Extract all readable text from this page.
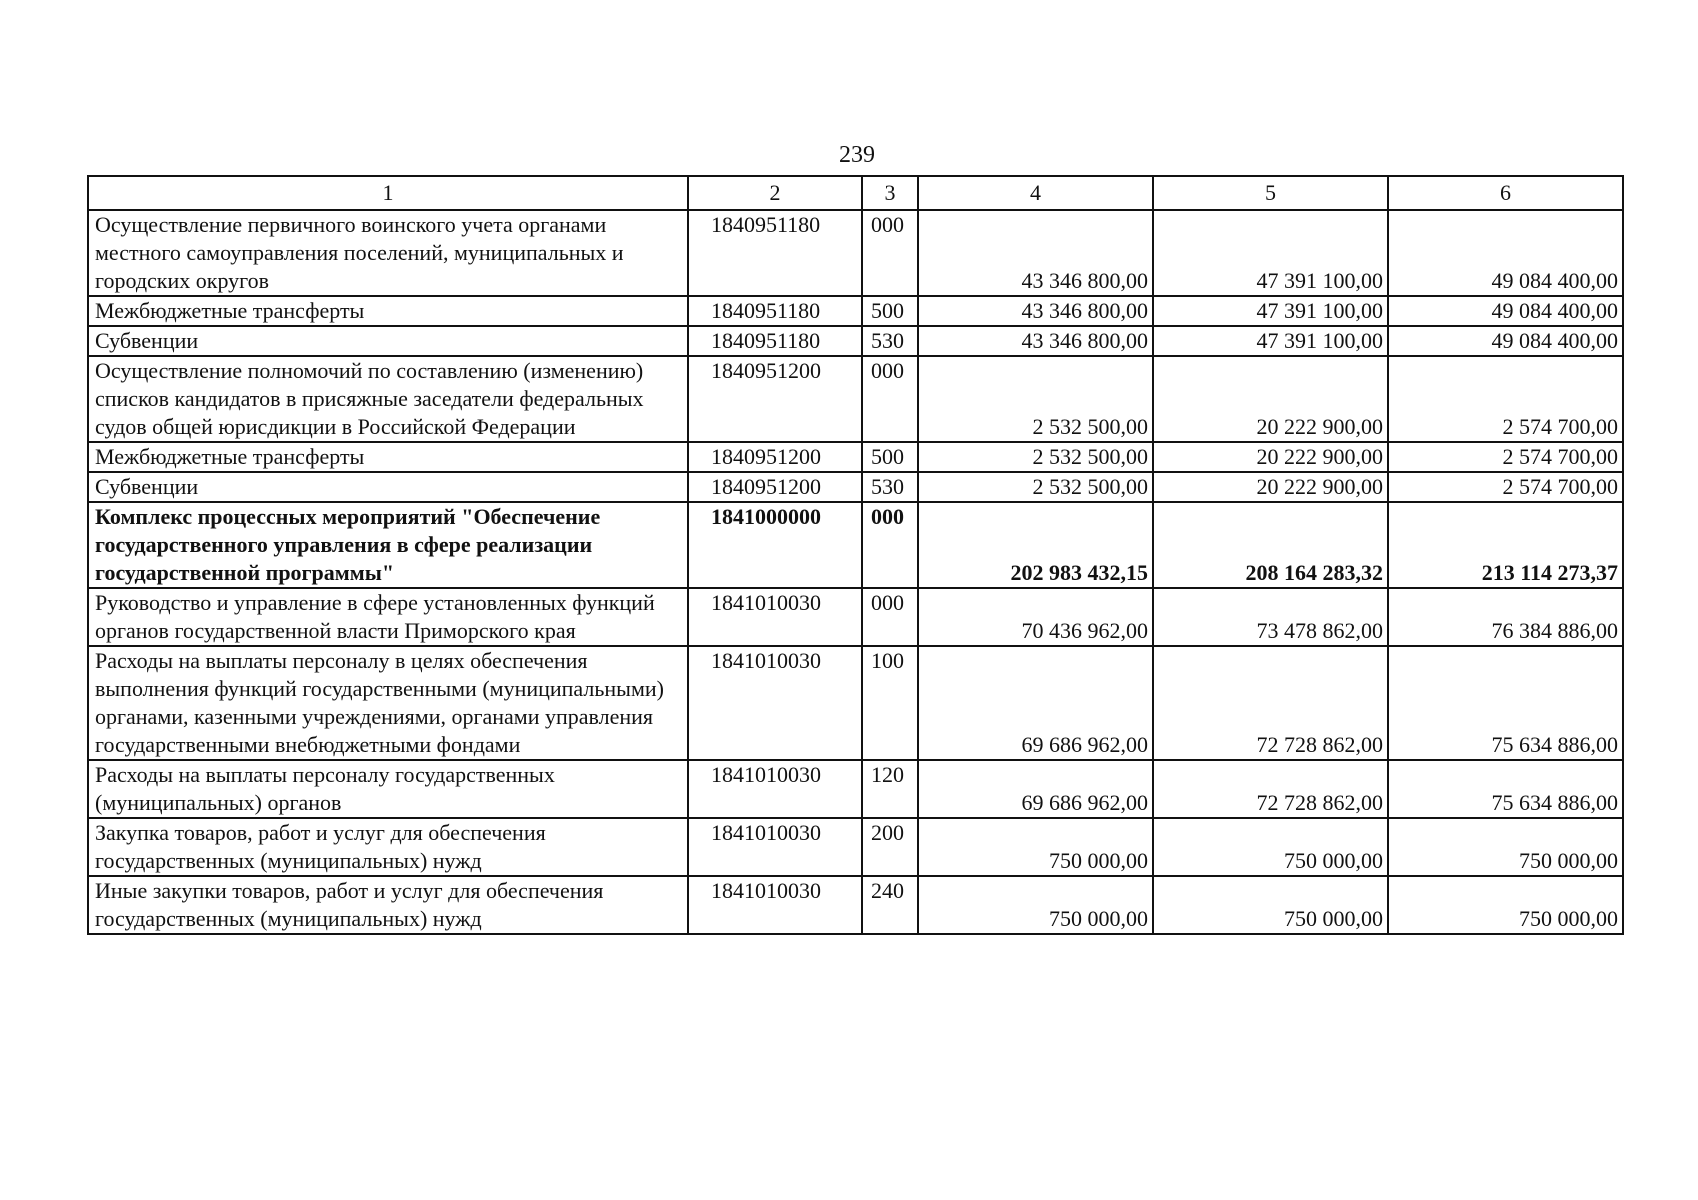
239
1	2	3	4	5	6
Осуществление первичного воинского учета органами местного самоуправления поселений, муниципальных и городских округов	1840951180	000	43 346 800,00	47 391 100,00	49 084 400,00
Межбюджетные трансферты	1840951180	500	43 346 800,00	47 391 100,00	49 084 400,00
Субвенции	1840951180	530	43 346 800,00	47 391 100,00	49 084 400,00
Осуществление полномочий по составлению (изменению) списков кандидатов в присяжные заседатели федеральных судов общей юрисдикции в Российской Федерации	1840951200	000	2 532 500,00	20 222 900,00	2 574 700,00
Межбюджетные трансферты	1840951200	500	2 532 500,00	20 222 900,00	2 574 700,00
Субвенции	1840951200	530	2 532 500,00	20 222 900,00	2 574 700,00
Комплекс процессных мероприятий "Обеспечение государственного управления в сфере реализации государственной программы"	1841000000	000	202 983 432,15	208 164 283,32	213 114 273,37
Руководство и управление в сфере установленных функций органов государственной власти Приморского края	1841010030	000	70 436 962,00	73 478 862,00	76 384 886,00
Расходы на выплаты персоналу в целях обеспечения выполнения функций государственными (муниципальными) органами, казенными учреждениями, органами управления государственными внебюджетными фондами	1841010030	100	69 686 962,00	72 728 862,00	75 634 886,00
Расходы на выплаты персоналу государственных (муниципальных) органов	1841010030	120	69 686 962,00	72 728 862,00	75 634 886,00
Закупка товаров, работ и услуг для обеспечения государственных (муниципальных) нужд	1841010030	200	750 000,00	750 000,00	750 000,00
Иные закупки товаров, работ и услуг для обеспечения государственных (муниципальных) нужд	1841010030	240	750 000,00	750 000,00	750 000,00
